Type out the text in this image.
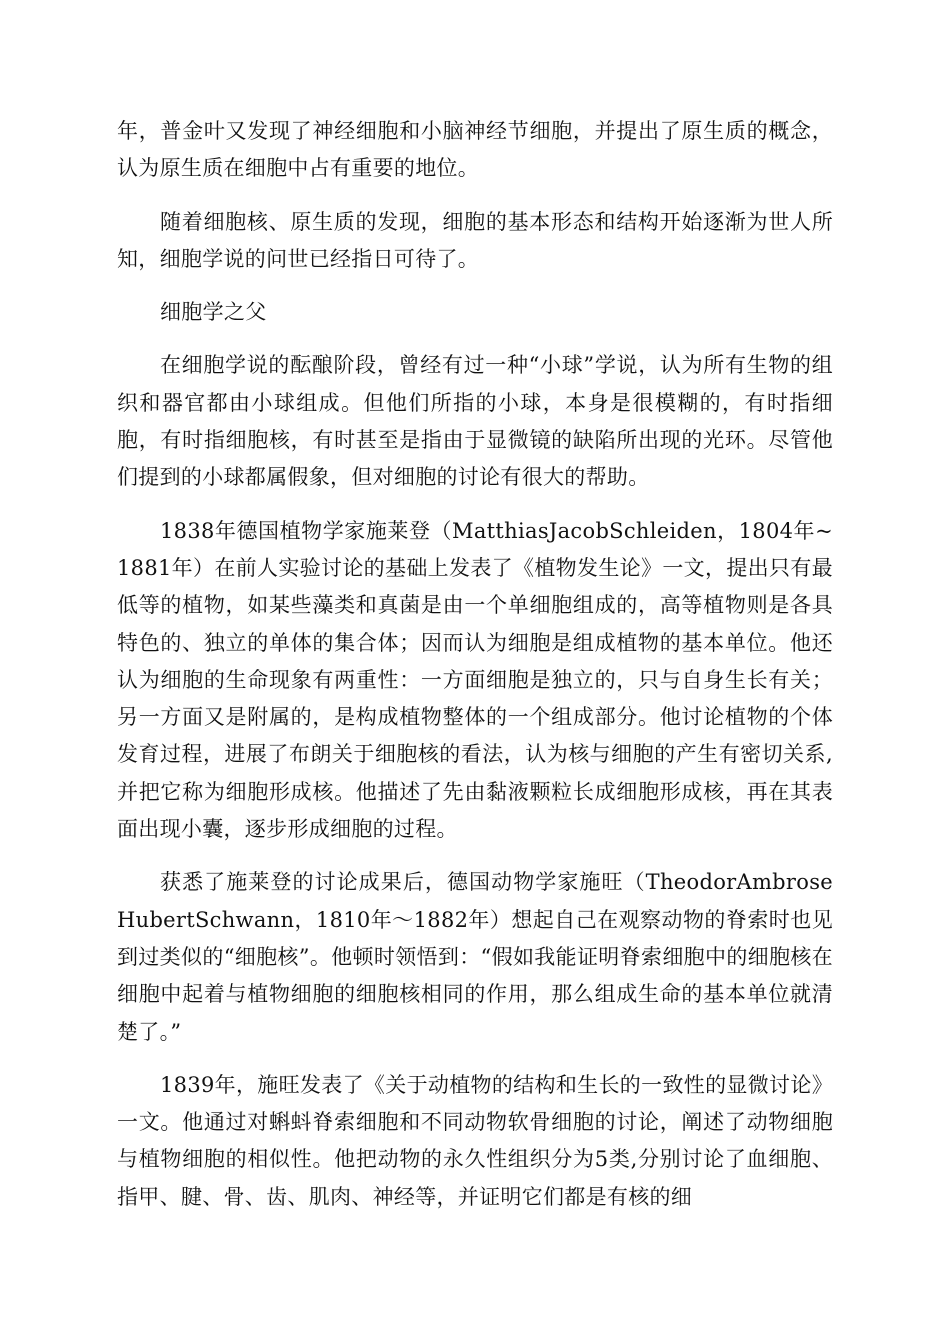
年，普金叶又发现了神经细胞和小脑神经节细胞，并提出了原生质的概念，认为原生质在细胞中占有重要的地位。

随着细胞核、原生质的发现，细胞的基本形态和结构开始逐渐为世人所知，细胞学说的问世已经指日可待了。

细胞学之父

在细胞学说的酝酿阶段，曾经有过一种“小球”学说，认为所有生物的组织和器官都由小球组成。但他们所指的小球，本身是很模糊的，有时指细胞，有时指细胞核，有时甚至是指由于显微镜的缺陷所出现的光环。尽管他们提到的小球都属假象，但对细胞的讨论有很大的帮助。

1838年德国植物学家施莱登（MatthiasJacobSchleiden，1804年~1881年）在前人实验讨论的基础上发表了《植物发生论》一文，提出只有最低等的植物，如某些藻类和真菌是由一个单细胞组成的，高等植物则是各具特色的、独立的单体的集合体；因而认为细胞是组成植物的基本单位。他还认为细胞的生命现象有两重性：一方面细胞是独立的，只与自身生长有关；另一方面又是附属的，是构成植物整体的一个组成部分。他讨论植物的个体发育过程，进展了布朗关于细胞核的看法，认为核与细胞的产生有密切关系,并把它称为细胞形成核。他描述了先由黏液颗粒长成细胞形成核，再在其表面出现小囊，逐步形成细胞的过程。

获悉了施莱登的讨论成果后，德国动物学家施旺（TheodorAmbroseHubertSchwann，1810年～1882年）想起自己在观察动物的脊索时也见到过类似的“细胞核”。他顿时领悟到：“假如我能证明脊索细胞中的细胞核在细胞中起着与植物细胞的细胞核相同的作用，那么组成生命的基本单位就清楚了。”

1839年，施旺发表了《关于动植物的结构和生长的一致性的显微讨论》一文。他通过对蝌蚪脊索细胞和不同动物软骨细胞的讨论，阐述了动物细胞与植物细胞的相似性。他把动物的永久性组织分为5类,分别讨论了血细胞、指甲、腱、骨、齿、肌肉、神经等，并证明它们都是有核的细
